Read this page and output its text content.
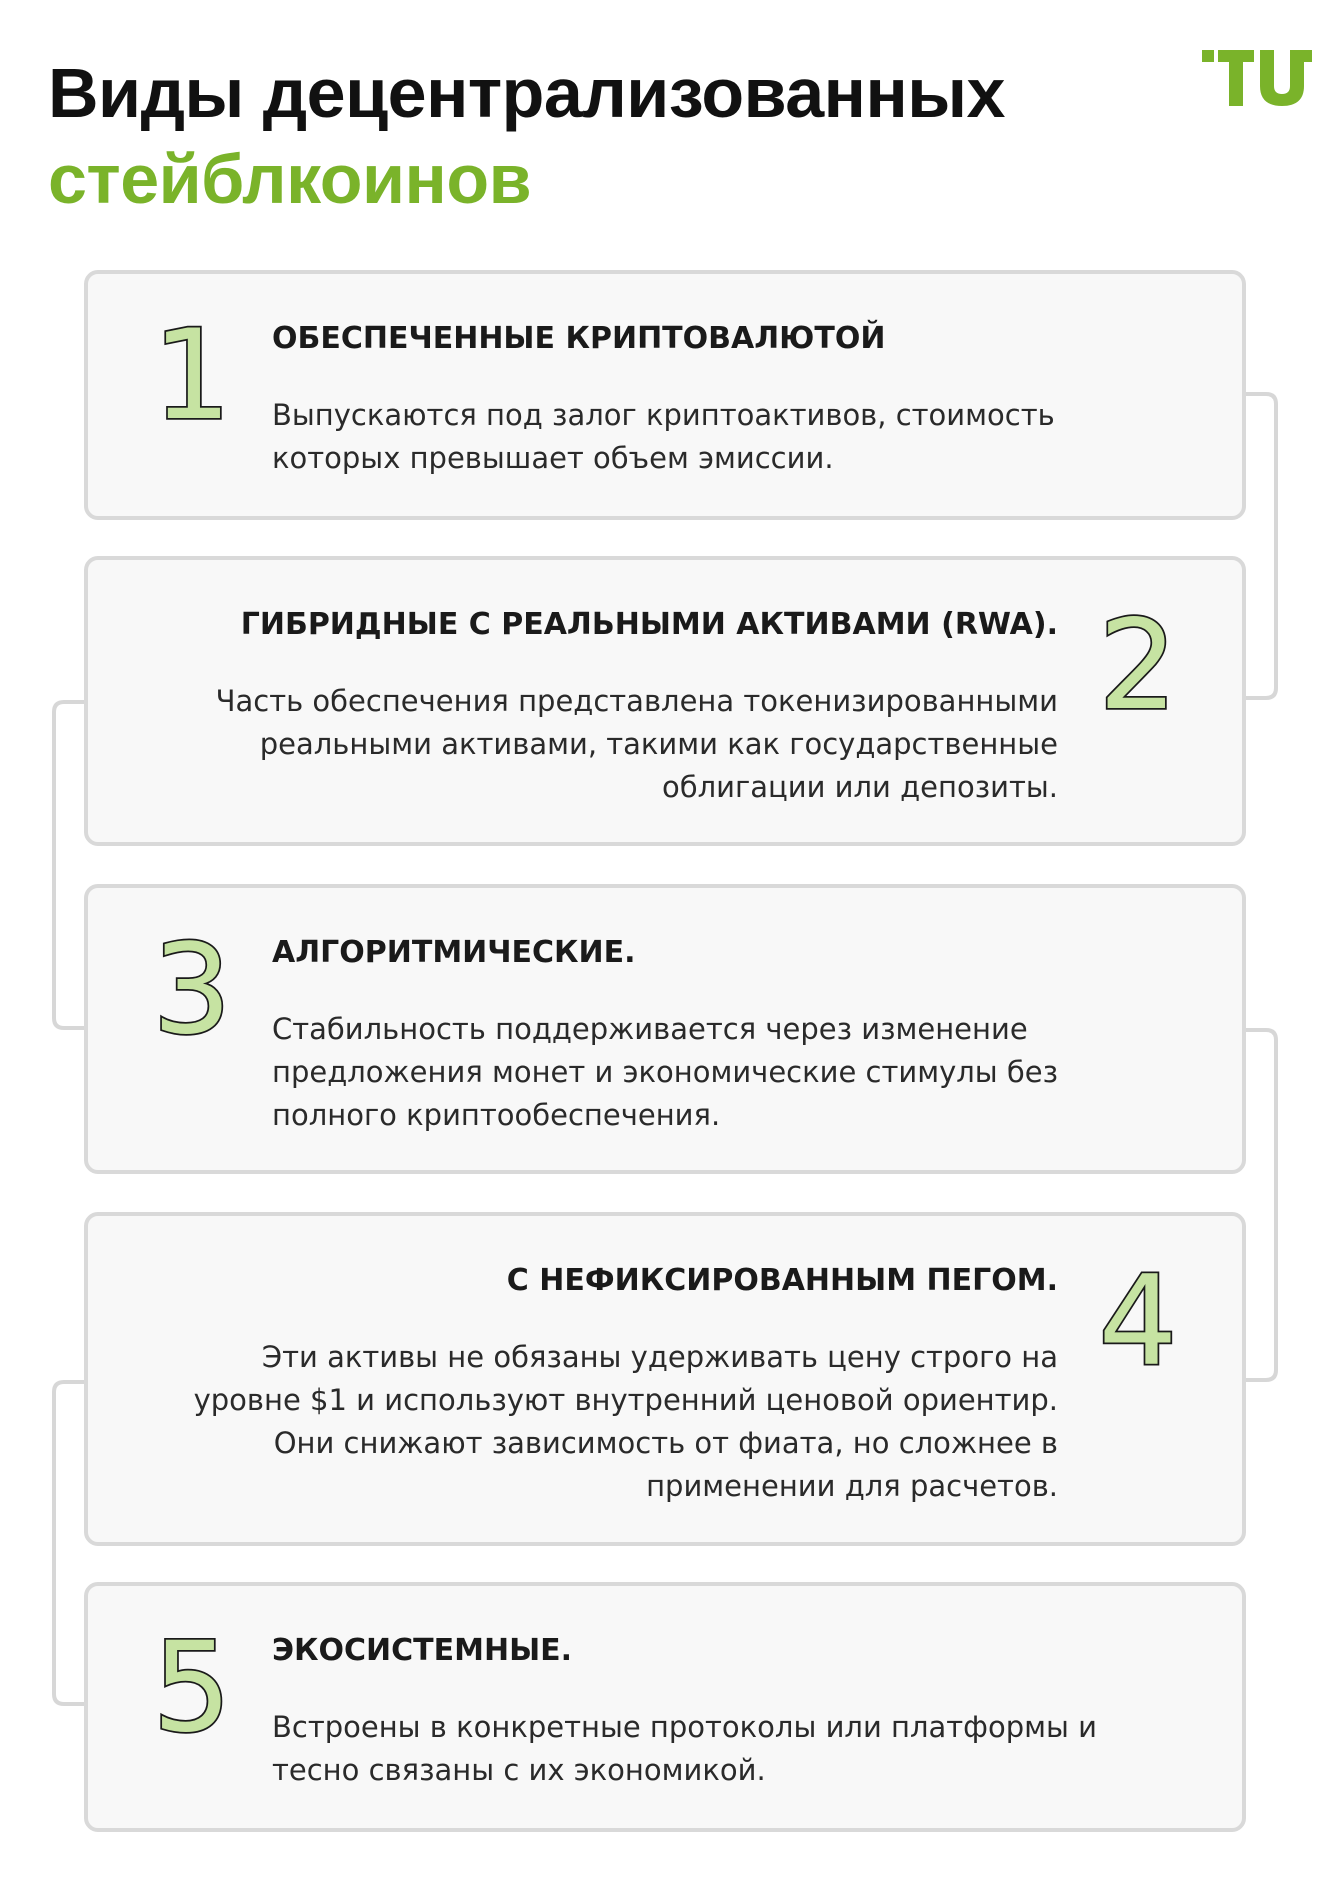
Виды децентрализованных
стейблкоинов
1 ОБЕСПЕЧЕННЫЕ КРИПТОВАЛЮТОЙ
Выпускаются под залог криптоактивов, стоимость
которых превышает объем эмиссии.
2
ГИБРИДНЫЕ С РЕАЛЬНЫМИ АКТИВАМИ (RWA).
Часть обеспечения представлена токенизированными
реальными активами, такими как государственные
облигации или депозиты.
3 АЛГОРИТМИЧЕСКИЕ.
Стабильность поддерживается через изменение
предложения монет и экономические стимулы без
полного криптообеспечения.
4
С НЕФИКСИРОВАННЫМ ПЕГОМ.
Эти активы не обязаны удерживать цену строго на
уровне $1 и используют внутренний ценовой ориентир.
Они снижают зависимость от фиата, но сложнее в
применении для расчетов.
5 ЭКОСИСТЕМНЫЕ.
Встроены в конкретные протоколы или платформы и
тесно связаны с их экономикой.
